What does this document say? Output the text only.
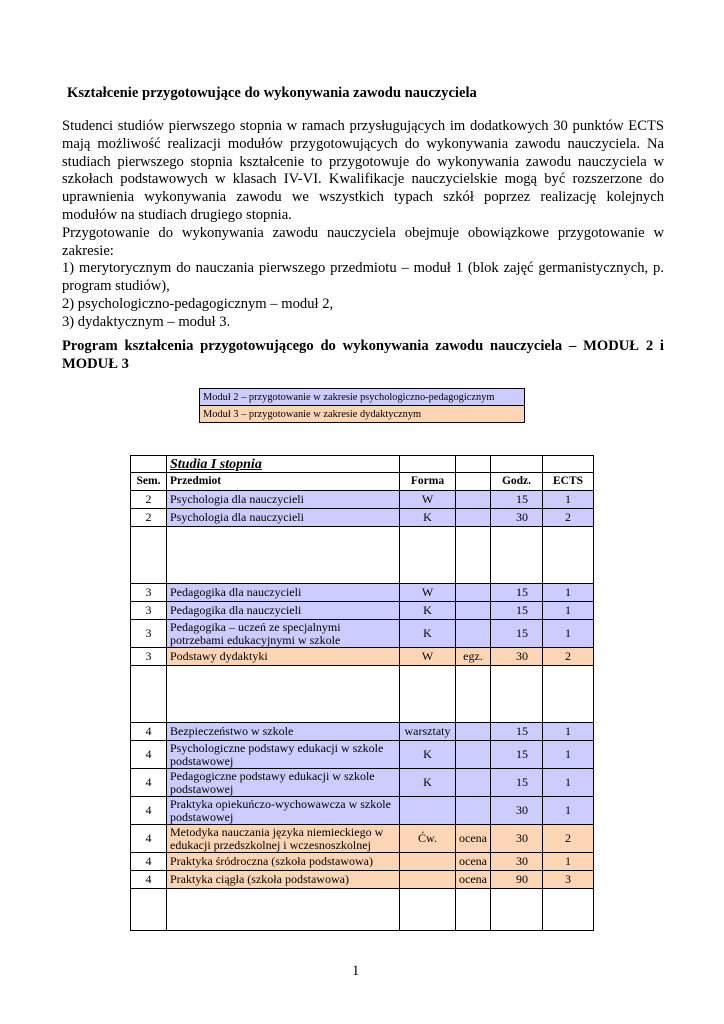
Kształcenie przygotowujące do wykonywania zawodu nauczyciela

Studenci studiów pierwszego stopnia w ramach przysługujących im dodatkowych 30 punktów ECTS mają możliwość realizacji modułów przygotowujących do wykonywania zawodu nauczyciela. Na studiach pierwszego stopnia kształcenie to przygotowuje do wykonywania zawodu nauczyciela w szkołach podstawowych w klasach IV-VI. Kwalifikacje nauczycielskie mogą być rozszerzone do uprawnienia wykonywania zawodu we wszystkich typach szkół poprzez realizację kolejnych modułów na studiach drugiego stopnia.

Przygotowanie do wykonywania zawodu nauczyciela obejmuje obowiązkowe przygotowanie w zakresie:

1) merytorycznym do nauczania pierwszego przedmiotu – moduł 1 (blok zajęć germanistycznych, p. program studiów),

2) psychologiczno-pedagogicznym – moduł 2,

3) dydaktycznym – moduł 3.

Program kształcenia przygotowującego do wykonywania zawodu nauczyciela – MODUŁ 2 i MODUŁ 3
Moduł 2 – przygotowanie w zakresie psychologiczno-pedagogicznym
Moduł 3 – przygotowanie w zakresie dydaktycznym
	Studia I stopnia				
Sem.	Przedmiot	Forma		Godz.	ECTS
2	Psychologia dla nauczycieli	W		15	1
2	Psychologia dla nauczycieli	K		30	2

3	Pedagogika dla nauczycieli	W		15	1
3	Pedagogika dla nauczycieli	K		15	1
3	Pedagogika – uczeń ze specjalnymi potrzebami edukacyjnymi w szkole	K		15	1
3	Podstawy dydaktyki	W	egz.	30	2

4	Bezpieczeństwo w szkole	warsztaty		15	1
4	Psychologiczne podstawy edukacji w szkole podstawowej	K		15	1
4	Pedagogiczne podstawy edukacji w szkole podstawowej	K		15	1
4	Praktyka opiekuńczo-wychowawcza w szkole podstawowej			30	1
4	Metodyka nauczania języka niemieckiego w edukacji przedszkolnej i wczesnoszkolnej	Ćw.	ocena	30	2
4	Praktyka śródroczna (szkoła podstawowa)		ocena	30	1
4	Praktyka ciągła (szkoła podstawowa)		ocena	90	3

1
